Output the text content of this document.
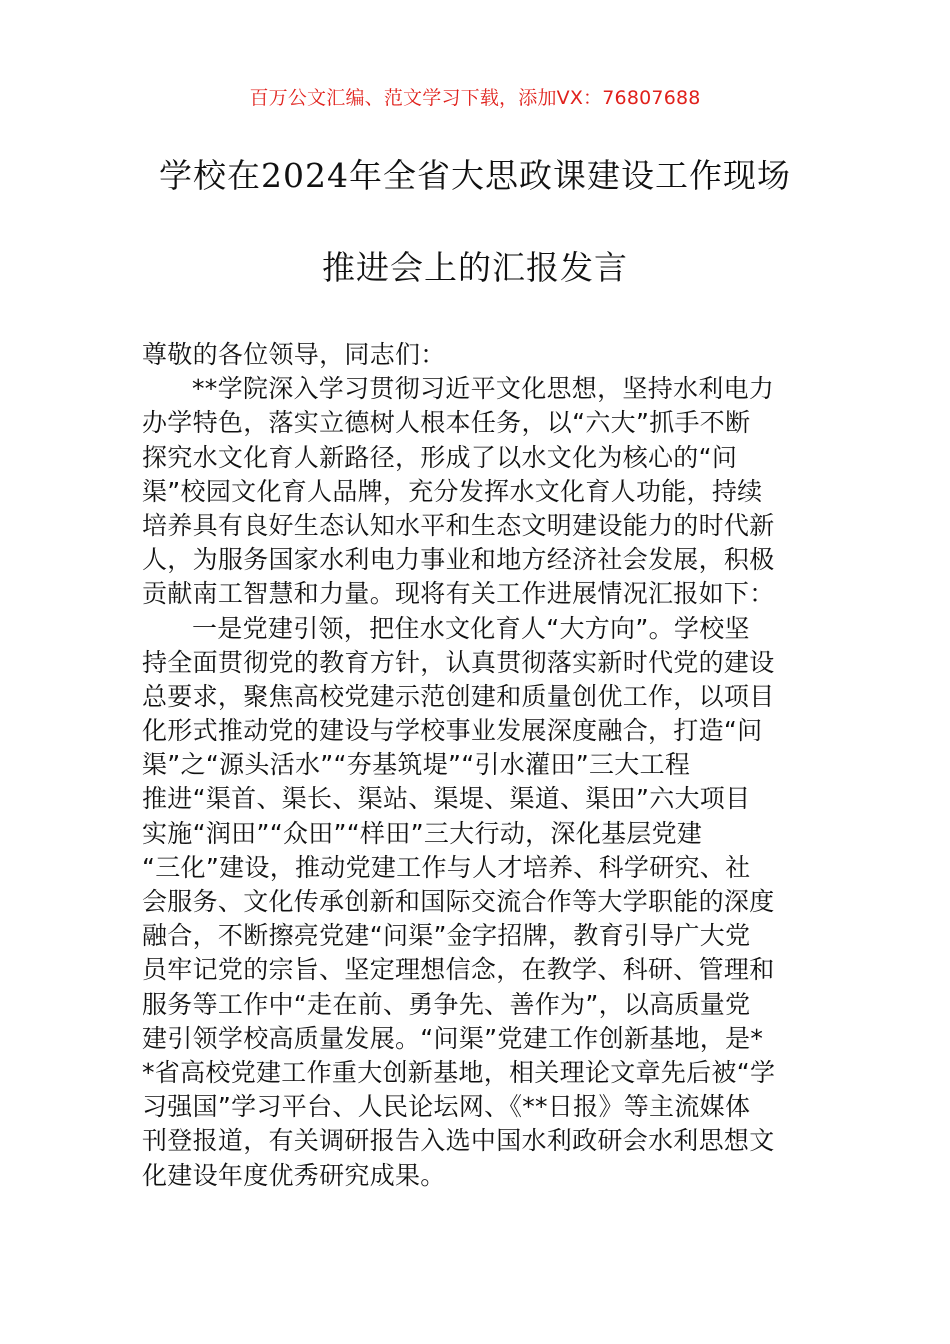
百万公文汇编、范文学习下载，添加VX：76807688
学校在2024年全省大思政课建设工作现场
推进会上的汇报发言
尊敬的各位领导，同志们：
**学院深入学习贯彻习近平文化思想，坚持水利电力
办学特色，落实立德树人根本任务，以“六大”抓手不断
探究水文化育人新路径，形成了以水文化为核心的“问
渠”校园文化育人品牌，充分发挥水文化育人功能，持续
培养具有良好生态认知水平和生态文明建设能力的时代新
人，为服务国家水利电力事业和地方经济社会发展，积极
贡献南工智慧和力量。现将有关工作进展情况汇报如下：
一是党建引领，把住水文化育人“大方向”。学校坚
持全面贯彻党的教育方针，认真贯彻落实新时代党的建设
总要求，聚焦高校党建示范创建和质量创优工作，以项目
化形式推动党的建设与学校事业发展深度融合，打造“问
渠”之“源头活水”“夯基筑堤”“引水灌田”三大工程
推进“渠首、渠长、渠站、渠堤、渠道、渠田”六大项目
实施“润田”“众田”“样田”三大行动，深化基层党建
“三化”建设，推动党建工作与人才培养、科学研究、社
会服务、文化传承创新和国际交流合作等大学职能的深度
融合，不断擦亮党建“问渠”金字招牌，教育引导广大党
员牢记党的宗旨、坚定理想信念，在教学、科研、管理和
服务等工作中“走在前、勇争先、善作为”，以高质量党
建引领学校高质量发展。“问渠”党建工作创新基地，是*
*省高校党建工作重大创新基地，相关理论文章先后被“学
习强国”学习平台、人民论坛网、《**日报》等主流媒体
刊登报道，有关调研报告入选中国水利政研会水利思想文
化建设年度优秀研究成果。
